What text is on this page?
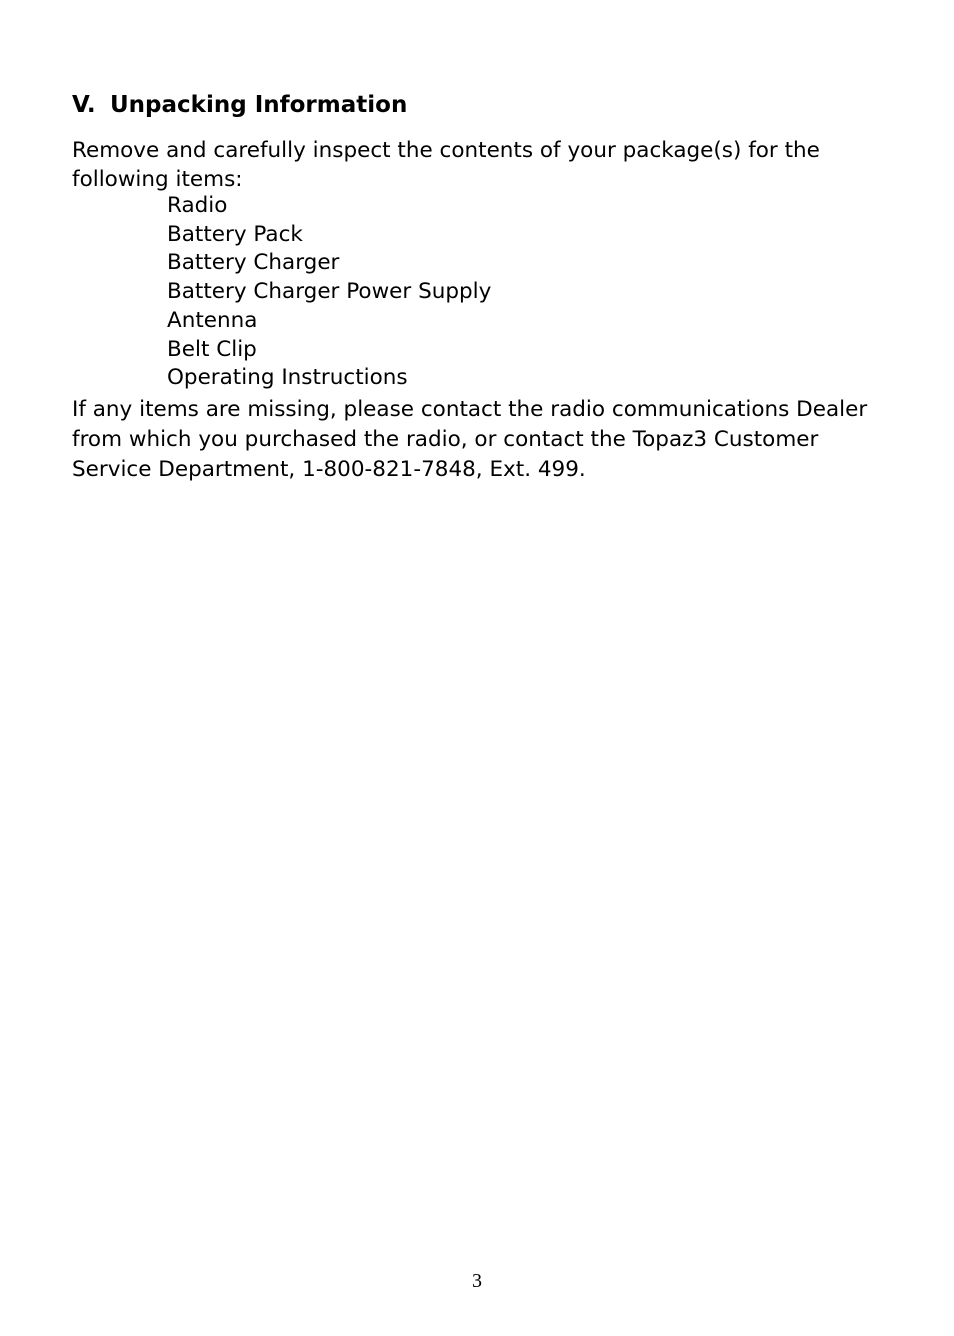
V. Unpacking Information

Remove and carefully inspect the contents of your package(s) for the following items:

Radio
Battery Pack
Battery Charger
Battery Charger Power Supply
Antenna
Belt Clip
Operating Instructions

If any items are missing, please contact the radio communications Dealer from which you purchased the radio, or contact the Topaz3 Customer Service Department, 1-800-821-7848, Ext. 499.

3
